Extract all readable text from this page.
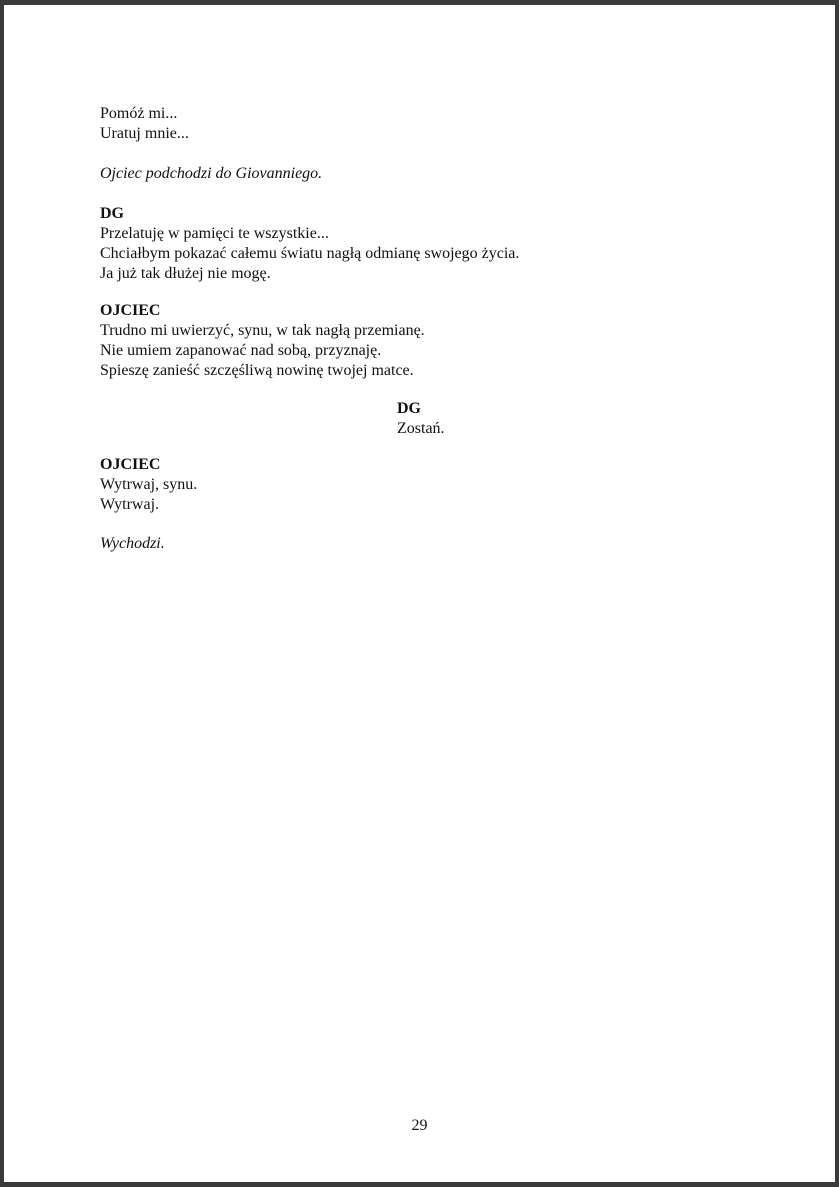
Pomóż mi...
Uratuj mnie...
Ojciec podchodzi do Giovanniego.
DG
Przelatuję w pamięci te wszystkie...
Chciałbym pokazać całemu światu nagłą odmianę swojego życia.
Ja już tak dłużej nie mogę.
OJCIEC
Trudno mi uwierzyć, synu, w tak nagłą przemianę.
Nie umiem zapanować nad sobą, przyznaję.
Spieszę zanieść szczęśliwą nowinę twojej matce.
DG
Zostań.
OJCIEC
Wytrwaj, synu.
Wytrwaj.
Wychodzi.
29
